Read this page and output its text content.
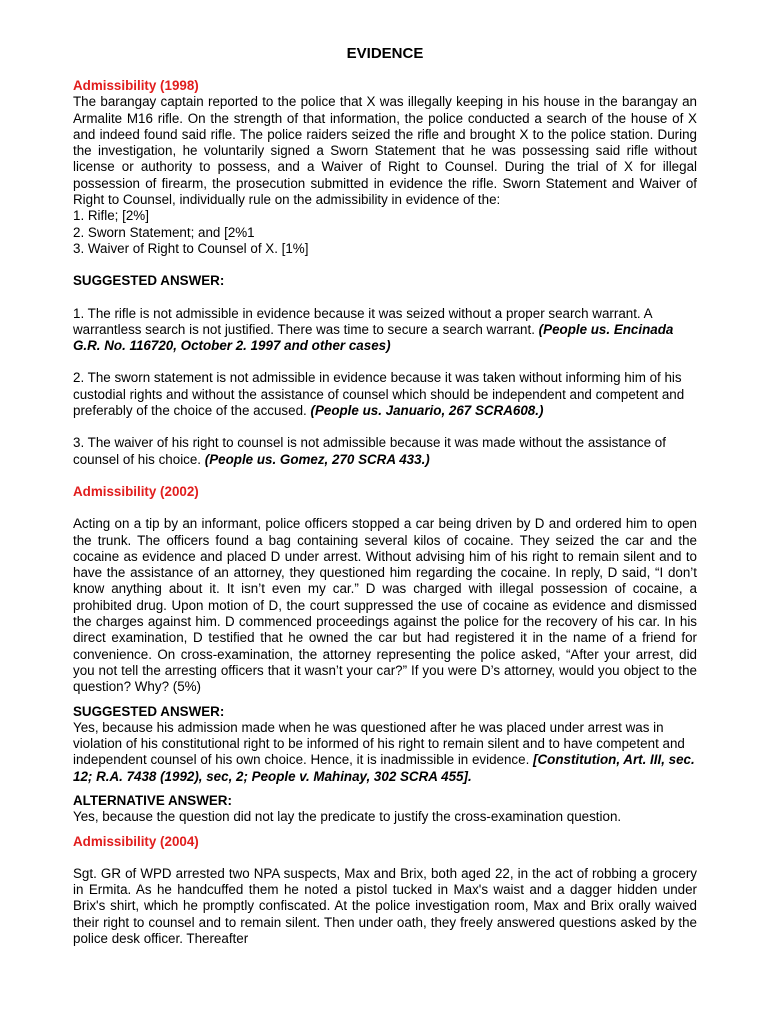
EVIDENCE
Admissibility (1998)

The barangay captain reported to the police that X was illegally keeping in his house in the barangay an Armalite M16 rifle. On the strength of that information, the police conducted a search of the house of X and indeed found said rifle. The police raiders seized the rifle and brought X to the police station. During the investigation, he voluntarily signed a Sworn Statement that he was possessing said rifle without license or authority to possess, and a Waiver of Right to Counsel. During the trial of X for illegal possession of firearm, the prosecution submitted in evidence the rifle. Sworn Statement and Waiver of Right to Counsel, individually rule on the admissibility in evidence of the:

1. Rifle; [2%]
2. Sworn Statement; and [2%1
3. Waiver of Right to Counsel of X. [1%]
SUGGESTED ANSWER:

1. The rifle is not admissible in evidence because it was seized without a proper search warrant. A warrantless search is not justified. There was time to secure a search warrant. (People us. Encinada G.R. No. 116720, October 2. 1997 and other cases)

2. The sworn statement is not admissible in evidence because it was taken without informing him of his custodial rights and without the assistance of counsel which should be independent and competent and preferably of the choice of the accused. (People us. Januario, 267 SCRA608.)

3. The waiver of his right to counsel is not admissible because it was made without the assistance of counsel of his choice. (People us. Gomez, 270 SCRA 433.)

Admissibility (2002)

Acting on a tip by an informant, police officers stopped a car being driven by D and ordered him to open the trunk. The officers found a bag containing several kilos of cocaine. They seized the car and the cocaine as evidence and placed D under arrest. Without advising him of his right to remain silent and to have the assistance of an attorney, they questioned him regarding the cocaine. In reply, D said, “I don’t know anything about it. It isn’t even my car.” D was charged with illegal possession of cocaine, a prohibited drug. Upon motion of D, the court suppressed the use of cocaine as evidence and dismissed the charges against him. D commenced proceedings against the police for the recovery of his car. In his direct examination, D testified that he owned the car but had registered it in the name of a friend for convenience. On cross-examination, the attorney representing the police asked, “After your arrest, did you not tell the arresting officers that it wasn’t your car?” If you were D’s attorney, would you object to the question? Why? (5%)

SUGGESTED ANSWER:

Yes, because his admission made when he was questioned after he was placed under arrest was in violation of his constitutional right to be informed of his right to remain silent and to have competent and independent counsel of his own choice. Hence, it is inadmissible in evidence. [Constitution, Art. III, sec. 12; R.A. 7438 (1992), sec, 2; People v. Mahinay, 302 SCRA 455].

ALTERNATIVE ANSWER:

Yes, because the question did not lay the predicate to justify the cross-examination question.

Admissibility (2004)

Sgt. GR of WPD arrested two NPA suspects, Max and Brix, both aged 22, in the act of robbing a grocery in Ermita. As he handcuffed them he noted a pistol tucked in Max's waist and a dagger hidden under Brix's shirt, which he promptly confiscated. At the police investigation room, Max and Brix orally waived their right to counsel and to remain silent. Then under oath, they freely answered questions asked by the police desk officer. Thereafter
